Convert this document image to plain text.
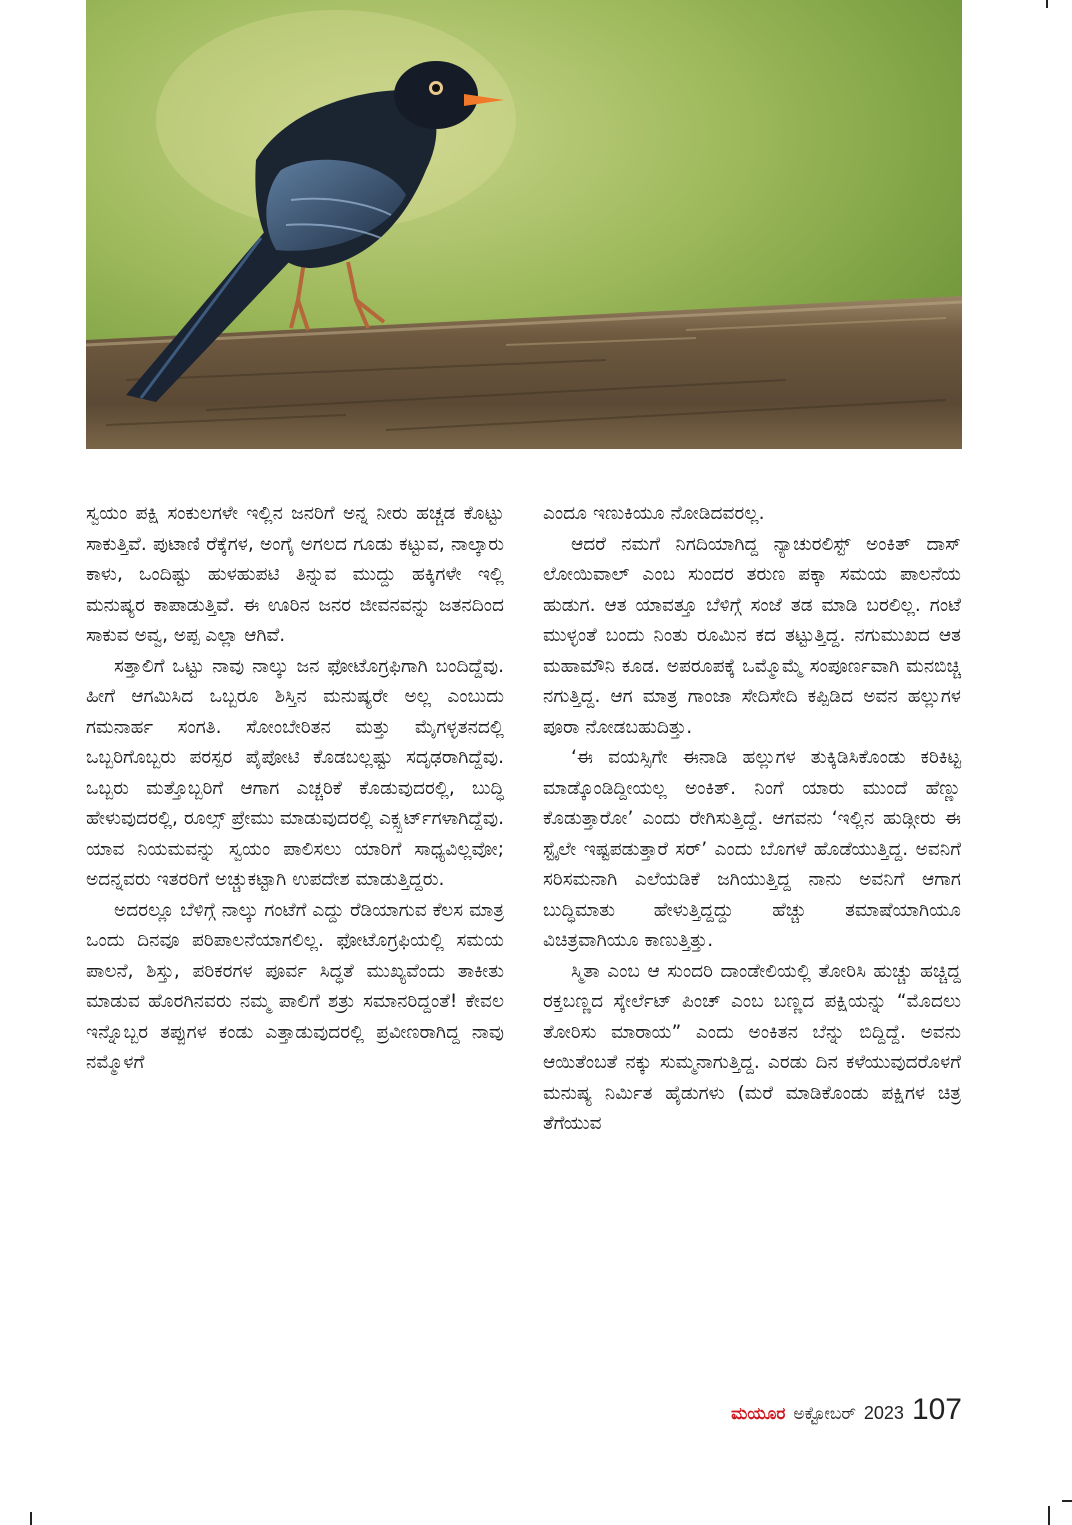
ಸ್ವಯಂ ಪಕ್ಷಿ ಸಂಕುಲಗಳೇ ಇಲ್ಲಿನ ಜನರಿಗೆ ಅನ್ನ ನೀರು ಹಚ್ಚಡ ಕೊಟ್ಟು ಸಾಕುತ್ತಿವೆ. ಪುಟಾಣಿ ರೆಕ್ಕೆಗಳ, ಅಂಗೈ ಅಗಲದ ಗೂಡು ಕಟ್ಟುವ, ನಾಲ್ಕಾರು ಕಾಳು, ಒಂದಿಷ್ಟು ಹುಳಹುಪಟಿ ತಿನ್ನುವ ಮುದ್ದು ಹಕ್ಕಿಗಳೇ ಇಲ್ಲಿ ಮನುಷ್ಯರ ಕಾಪಾಡುತ್ತಿವೆ. ಈ ಊರಿನ ಜನರ ಜೀವನವನ್ನು ಜತನದಿಂದ ಸಾಕುವ ಅವ್ವ, ಅಪ್ಪ ಎಲ್ಲಾ ಆಗಿವೆ.

ಸತ್ತಾಲಿಗೆ ಒಟ್ಟು ನಾವು ನಾಲ್ಕು ಜನ ಫೋಟೊಗ್ರಫಿಗಾಗಿ ಬಂದಿದ್ದೆವು. ಹೀಗೆ ಆಗಮಿಸಿದ ಒಬ್ಬರೂ ಶಿಸ್ತಿನ ಮನುಷ್ಯರೇ ಅಲ್ಲ ಎಂಬುದು ಗಮನಾರ್ಹ ಸಂಗತಿ. ಸೋಂಬೇರಿತನ ಮತ್ತು ಮೈಗಳ್ಳತನದಲ್ಲಿ ಒಬ್ಬರಿಗೊಬ್ಬರು ಪರಸ್ಪರ ಪೈಪೋಟಿ ಕೊಡಬಲ್ಲಷ್ಟು ಸದೃಢರಾಗಿದ್ದೆವು. ಒಬ್ಬರು ಮತ್ತೊಬ್ಬರಿಗೆ ಆಗಾಗ ಎಚ್ಚರಿಕೆ ಕೊಡುವುದರಲ್ಲಿ, ಬುದ್ಧಿ ಹೇಳುವುದರಲ್ಲಿ, ರೂಲ್ಸ್ ಪ್ರೇಮು ಮಾಡುವುದರಲ್ಲಿ ಎಕ್ಸ್ಪರ್ಟ್‌ಗಳಾಗಿದ್ದೆವು. ಯಾವ ನಿಯಮವನ್ನು ಸ್ವಯಂ ಪಾಲಿಸಲು ಯಾರಿಗೆ ಸಾಧ್ಯವಿಲ್ಲವೋ; ಅದನ್ನವರು ಇತರರಿಗೆ ಅಚ್ಚುಕಟ್ಟಾಗಿ ಉಪದೇಶ ಮಾಡುತ್ತಿದ್ದರು.

ಅದರಲ್ಲೂ ಬೆಳಿಗ್ಗೆ ನಾಲ್ಕು ಗಂಟೆಗೆ ಎದ್ದು ರೆಡಿಯಾಗುವ ಕೆಲಸ ಮಾತ್ರ ಒಂದು ದಿನವೂ ಪರಿಪಾಲನೆಯಾಗಲಿಲ್ಲ. ಫೋಟೊಗ್ರಫಿಯಲ್ಲಿ ಸಮಯ ಪಾಲನೆ, ಶಿಸ್ತು, ಪರಿಕರಗಳ ಪೂರ್ವ ಸಿದ್ಧತೆ ಮುಖ್ಯವೆಂದು ತಾಕೀತು ಮಾಡುವ ಹೊರಗಿನವರು ನಮ್ಮ ಪಾಲಿಗೆ ಶತ್ರು ಸಮಾನರಿದ್ದಂತೆ! ಕೇವಲ ಇನ್ನೊಬ್ಬರ ತಪ್ಪುಗಳ ಕಂಡು ಎತ್ತಾಡುವುದರಲ್ಲಿ ಪ್ರವೀಣರಾಗಿದ್ದ ನಾವು ನಮ್ಮೊಳಗೆ

ಎಂದೂ ಇಣುಕಿಯೂ ನೋಡಿದವರಲ್ಲ.

ಆದರೆ ನಮಗೆ ನಿಗದಿಯಾಗಿದ್ದ ನ್ಯಾಚುರಲಿಸ್ಟ್ ಅಂಕಿತ್ ದಾಸ್ ಲೋಯಿವಾಲ್ ಎಂಬ ಸುಂದರ ತರುಣ ಪಕ್ಕಾ ಸಮಯ ಪಾಲನೆಯ ಹುಡುಗ. ಆತ ಯಾವತ್ತೂ ಬೆಳಿಗ್ಗೆ ಸಂಜೆ ತಡ ಮಾಡಿ ಬರಲಿಲ್ಲ. ಗಂಟೆ ಮುಳ್ಳಂತೆ ಬಂದು ನಿಂತು ರೂಮಿನ ಕದ ತಟ್ಟುತ್ತಿದ್ದ. ನಗುಮುಖದ ಆತ ಮಹಾಮೌನಿ ಕೂಡ. ಅಪರೂಪಕ್ಕೆ ಒಮ್ಮೊಮ್ಮೆ ಸಂಪೂರ್ಣವಾಗಿ ಮನಬಿಚ್ಚಿ ನಗುತ್ತಿದ್ದ. ಆಗ ಮಾತ್ರ ಗಾಂಜಾ ಸೇದಿಸೇದಿ ಕಪ್ಪಿಡಿದ ಅವನ ಹಲ್ಲುಗಳ ಪೂರಾ ನೋಡಬಹುದಿತ್ತು.

‘ಈ ವಯಸ್ಸಿಗೇ ಈನಾಡಿ ಹಲ್ಲುಗಳ ತುಕ್ಕಿಡಿಸಿಕೊಂಡು ಕರಿಕಿಟ್ಟ ಮಾಡ್ಕೊಂಡಿದ್ದೀಯಲ್ಲ ಅಂಕಿತ್. ನಿಂಗೆ ಯಾರು ಮುಂದೆ ಹೆಣ್ಣು ಕೊಡುತ್ತಾರೋ’ ಎಂದು ರೇಗಿಸುತ್ತಿದ್ದೆ. ಆಗವನು ‘ಇಲ್ಲಿನ ಹುಡ್ಗೀರು ಈ ಸ್ಟೈಲೇ ಇಷ್ಟಪಡುತ್ತಾರೆ ಸರ್’ ಎಂದು ಬೊಗಳೆ ಹೊಡೆಯುತ್ತಿದ್ದ. ಅವನಿಗೆ ಸರಿಸಮನಾಗಿ ಎಲೆಯಡಿಕೆ ಜಗಿಯುತ್ತಿದ್ದ ನಾನು ಅವನಿಗೆ ಆಗಾಗ ಬುದ್ಧಿಮಾತು ಹೇಳುತ್ತಿದ್ದದ್ದು ಹೆಚ್ಚು ತಮಾಷೆಯಾಗಿಯೂ ವಿಚಿತ್ರವಾಗಿಯೂ ಕಾಣುತ್ತಿತ್ತು.

ಸ್ಮಿತಾ ಎಂಬ ಆ ಸುಂದರಿ ದಾಂಡೇಲಿಯಲ್ಲಿ ತೋರಿಸಿ ಹುಚ್ಚು ಹಚ್ಚಿದ್ದ ರಕ್ತಬಣ್ಣದ ಸ್ಕೇರ್ಲೆಟ್ ಪಿಂಚ್ ಎಂಬ ಬಣ್ಣದ ಪಕ್ಷಿಯನ್ನು “ಮೊದಲು ತೋರಿಸು ಮಾರಾಯ” ಎಂದು ಅಂಕಿತನ ಬೆನ್ನು ಬಿದ್ದಿದ್ದೆ. ಅವನು ಆಯಿತೆಂಬತೆ ನಕ್ಕು ಸುಮ್ಮನಾಗುತ್ತಿದ್ದ. ಎರಡು ದಿನ ಕಳೆಯುವುದರೊಳಗೆ ಮನುಷ್ಯ ನಿರ್ಮಿತ ಹೈಡುಗಳು (ಮರೆ ಮಾಡಿಕೊಂಡು ಪಕ್ಷಿಗಳ ಚಿತ್ರ ತೆಗೆಯುವ

ಮಯೂರ ಅಕ್ಟೋಬರ್ 2023 107
